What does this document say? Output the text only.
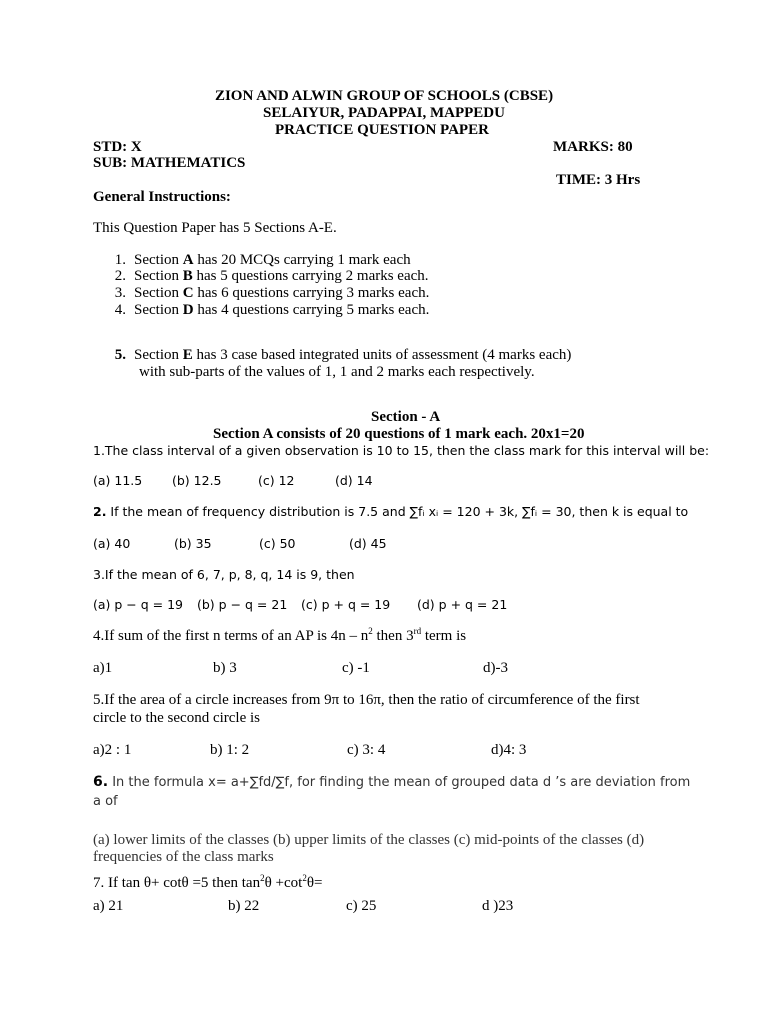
ZION AND ALWIN GROUP OF SCHOOLS (CBSE)
SELAIYUR, PADAPPAI, MAPPEDU
PRACTICE QUESTION PAPER
STD: X	MARKS: 80
SUB: MATHEMATICS
TIME: 3 Hrs
General Instructions:
This Question Paper has 5 Sections A-E.
1. Section A has 20 MCQs carrying 1 mark each
2. Section B has 5 questions carrying 2 marks each.
3. Section C has 6 questions carrying 3 marks each.
4. Section D has 4 questions carrying 5 marks each.
5. Section E has 3 case based integrated units of assessment (4 marks each)
with sub-parts of the values of 1, 1 and 2 marks each respectively.
Section - A
Section A consists of 20 questions of 1 mark each. 20x1=20
1.The class interval of a given observation is 10 to 15, then the class mark for this interval will be:
(a) 11.5 (b) 12.5	(c) 12	(d) 14
2. If the mean of frequency distribution is 7.5 and ∑fᵢ xᵢ = 120 + 3k, ∑fᵢ = 30, then k is equal to
(a) 40	(b) 35	(c) 50	(d) 45
3.If the mean of 6, 7, p, 8, q, 14 is 9, then
(a) p − q = 19 (b) p − q = 21 (c) p + q = 19 (d) p + q = 21
4.If sum of the first n terms of an AP is $4n - n^2$ then 3rd term is
a)1	b) 3	c) -1	d)-3
5.If the area of a circle increases from 9π to 16π, then the ratio of circumference of the first
circle to the second circle is
a)2 : 1	b) 1: 2	c) 3: 4	d)4: 3
6. In the formula x= a+∑fd/∑f, for finding the mean of grouped data d ’s are deviation from
a of
(a) lower limits of the classes (b) upper limits of the classes (c) mid-points of the classes (d)
frequencies of the class marks
7. If tan θ+ cotθ =5 then $\tan^2\theta +\cot^2\theta=$
a) 21	b) 22	c) 25	d )23
